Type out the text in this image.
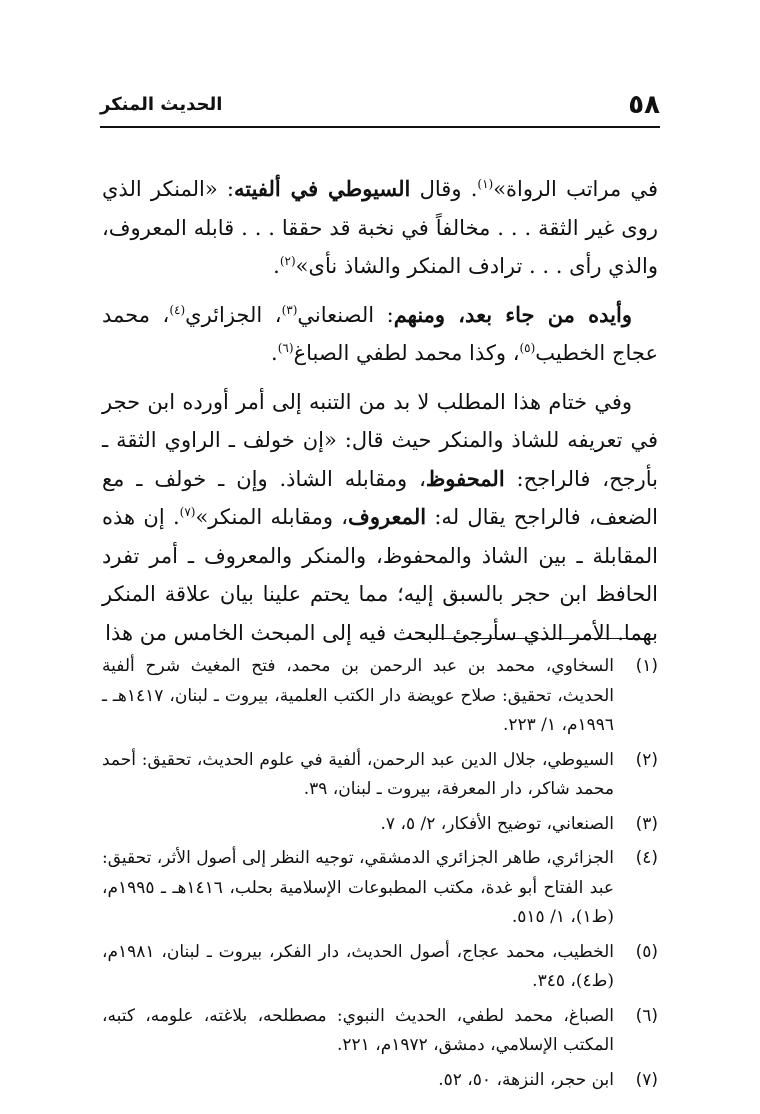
٥٨
الحديث المنكر

في مراتب الرواة»$^{(١)}$. وقال السيوطي في ألفيته: «المنكر الذي روى غير الثقة . . . مخالفاً في نخبة قد حققا . . . قابله المعروف، والذي رأى . . . ترادف المنكر والشاذ نأى»$^{(٢)}$.

وأيده من جاء بعد، ومنهم: الصنعاني$^{(٣)}$، الجزائري$^{(٤)}$، محمد عجاج الخطيب$^{(٥)}$، وكذا محمد لطفي الصباغ$^{(٦)}$.

وفي ختام هذا المطلب لا بد من التنبه إلى أمر أورده ابن حجر في تعريفه للشاذ والمنكر حيث قال: «إن خولف ـ الراوي الثقة ـ بأرجح، فالراجح: المحفوظ، ومقابله الشاذ. وإن ـ خولف ـ مع الضعف، فالراجح يقال له: المعروف، ومقابله المنكر»$^{(٧)}$. إن هذه المقابلة ـ بين الشاذ والمحفوظ، والمنكر والمعروف ـ أمر تفرد الحافظ ابن حجر بالسبق إليه؛ مما يحتم علينا بيان علاقة المنكر بهما. الأمر الذي سأرجئ البحث فيه إلى المبحث الخامس من هذا

(١)
السخاوي، محمد بن عبد الرحمن بن محمد، فتح المغيث شرح ألفية الحديث، تحقيق: صلاح عويضة دار الكتب العلمية، بيروت ـ لبنان، ١٤١٧هـ ـ ١٩٩٦م، ١/ ٢٢٣.
(٢)
السيوطي، جلال الدين عبد الرحمن، ألفية في علوم الحديث، تحقيق: أحمد محمد شاكر، دار المعرفة، بيروت ـ لبنان، ٣٩.
(٣)
الصنعاني، توضيح الأفكار، ٢/ ٥، ٧.
(٤)
الجزائري، طاهر الجزائري الدمشقي، توجيه النظر إلى أصول الأثر، تحقيق: عبد الفتاح أبو غدة، مكتب المطبوعات الإسلامية بحلب، ١٤١٦هـ ـ ١٩٩٥م، (ط١)، ١/ ٥١٥.
(٥)
الخطيب، محمد عجاج، أصول الحديث، دار الفكر، بيروت ـ لبنان، ١٩٨١م، (ط٤)، ٣٤٥.
(٦)
الصباغ، محمد لطفي، الحديث النبوي: مصطلحه، بلاغته، علومه، كتبه، المكتب الإسلامي، دمشق، ١٩٧٢م، ٢٢١.
(٧)
ابن حجر، النزهة، ٥٠، ٥٢.
